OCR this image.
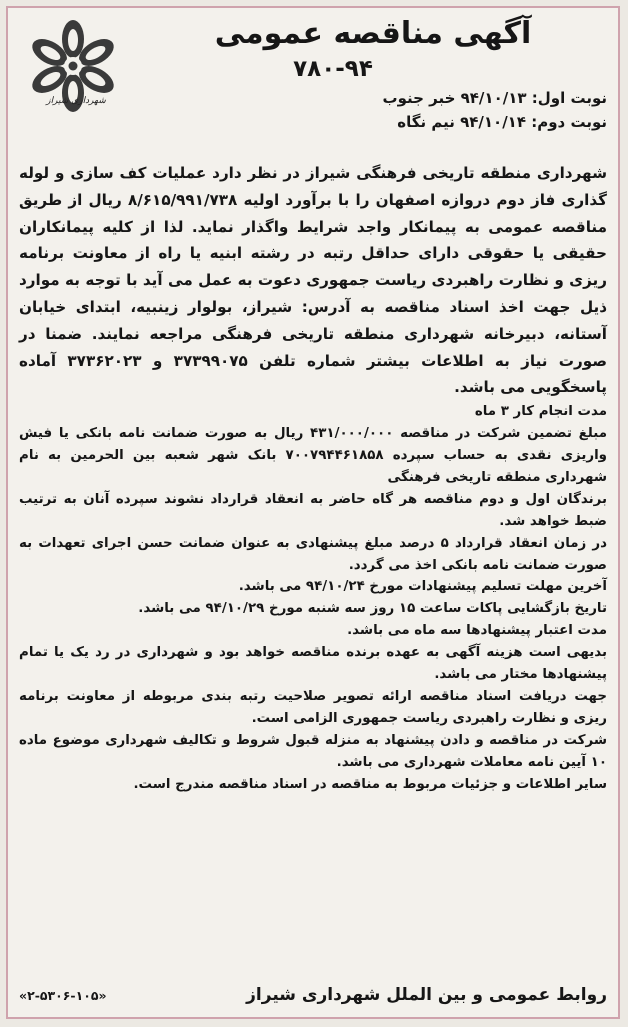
شهرداری شیراز
آگهی مناقصه عمومی
۷۸۰-۹۴
نوبت اول: ۹۴/۱۰/۱۳ خبر جنوب
نوبت دوم: ۹۴/۱۰/۱۴ نیم نگاه

شهرداری منطقه تاریخی فرهنگی شیراز در نظر دارد عملیات کف سازی و لوله گذاری فاز دوم دروازه اصفهان را با برآورد اولیه ۸/۶۱۵/۹۹۱/۷۳۸ ریال از طریق مناقصه عمومی به پیمانکار واجد شرایط واگذار نماید. لذا از کلیه پیمانکاران حقیقی یا حقوقی دارای حداقل رتبه در رشته ابنیه یا راه از معاونت برنامه ریزی و نظارت راهبردی ریاست جمهوری دعوت به عمل می آید با توجه به موارد ذیل جهت اخذ اسناد مناقصه به آدرس: شیراز، بولوار زینبیه، ابتدای خیابان آستانه، دبیرخانه شهرداری منطقه تاریخی فرهنگی مراجعه نمایند. ضمنا در صورت نیاز به اطلاعات بیشتر شماره تلفن ۳۷۳۹۹۰۷۵ و ۳۷۳۶۲۰۲۳ آماده پاسخگویی می باشد.

مدت انجام کار ۳ ماه

مبلغ تضمین شرکت در مناقصه ۴۳۱/۰۰۰/۰۰۰ ریال به صورت ضمانت نامه بانکی یا فیش واریزی نقدی به حساب سپرده ۷۰۰۷۹۴۴۶۱۸۵۸ بانک شهر شعبه بین الحرمین به نام شهرداری منطقه تاریخی فرهنگی

برندگان اول و دوم مناقصه هر گاه حاضر به انعقاد قرارداد نشوند سپرده آنان به ترتیب ضبط خواهد شد.

در زمان انعقاد قرارداد ۵ درصد مبلغ پیشنهادی به عنوان ضمانت حسن اجرای تعهدات به صورت ضمانت نامه بانکی اخذ می گردد.

آخرین مهلت تسلیم پیشنهادات مورخ ۹۴/۱۰/۲۴ می باشد.

تاریخ بازگشایی پاکات ساعت ۱۵ روز سه شنبه مورخ ۹۴/۱۰/۲۹ می باشد.

مدت اعتبار پیشنهادها سه ماه می باشد.

بدیهی است هزینه آگهی به عهده برنده مناقصه خواهد بود و شهرداری در رد یک یا تمام پیشنهادها مختار می باشد.

جهت دریافت اسناد مناقصه ارائه تصویر صلاحیت رتبه بندی مربوطه از معاونت برنامه ریزی و نظارت راهبردی ریاست جمهوری الزامی است.

شرکت در مناقصه و دادن پیشنهاد به منزله قبول شروط و تکالیف شهرداری موضوع ماده ۱۰ آیین نامه معاملات شهرداری می باشد.

سایر اطلاعات و جزئیات مربوط به مناقصه در اسناد مناقصه مندرج است.

روابط عمومی و بین الملل شهرداری شیراز
«۲-۵۳۰۶-۱۰۵»
